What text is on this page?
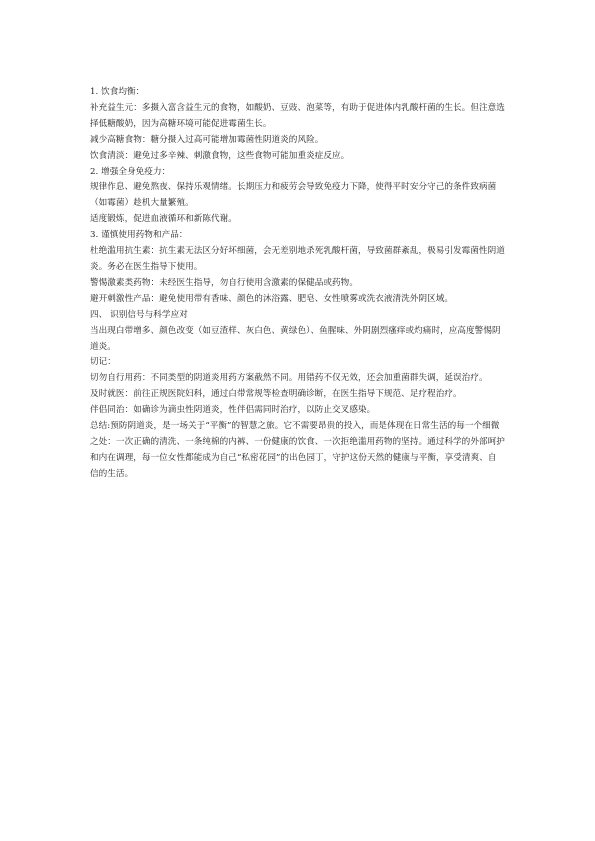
1. 饮食均衡：

补充益生元：多摄入富含益生元的食物，如酸奶、豆豉、泡菜等，有助于促进体内乳酸杆菌的生长。但注意选择低糖酸奶，因为高糖环境可能促进霉菌生长。

减少高糖食物：糖分摄入过高可能增加霉菌性阴道炎的风险。

饮食清淡：避免过多辛辣、刺激食物，这些食物可能加重炎症反应。

2. 增强全身免疫力：

规律作息、避免熬夜、保持乐观情绪。长期压力和疲劳会导致免疫力下降，使得平时安分守己的条件致病菌（如霉菌）趁机大量繁殖。

适度锻炼，促进血液循环和新陈代谢。

3. 谨慎使用药物和产品：

杜绝滥用抗生素：抗生素无法区分好坏细菌，会无差别地杀死乳酸杆菌，导致菌群紊乱，极易引发霉菌性阴道炎。务必在医生指导下使用。

警惕激素类药物：未经医生指导，勿自行使用含激素的保健品或药物。

避开刺激性产品：避免使用带有香味、颜色的沐浴露、肥皂、女性喷雾或洗衣液清洗外阴区域。

四、 识别信号与科学应对

当出现白带增多、颜色改变（如豆渣样、灰白色、黄绿色）、鱼腥味、外阴剧烈瘙痒或灼痛时，应高度警惕阴道炎。

切记：

切勿自行用药：不同类型的阴道炎用药方案截然不同。用错药不仅无效，还会加重菌群失调，延误治疗。

及时就医：前往正规医院妇科，通过白带常规等检查明确诊断，在医生指导下规范、足疗程治疗。

伴侣同治：如确诊为滴虫性阴道炎，性伴侣需同时治疗，以防止交叉感染。

总结:预防阴道炎，是一场关于“平衡”的智慧之旅。它不需要昂贵的投入，而是体现在日常生活的每一个细微之处：一次正确的清洗、一条纯棉的内裤、一份健康的饮食、一次拒绝滥用药物的坚持。通过科学的外部呵护和内在调理，每一位女性都能成为自己“私密花园”的出色园丁，守护这份天然的健康与平衡，享受清爽、自信的生活。
